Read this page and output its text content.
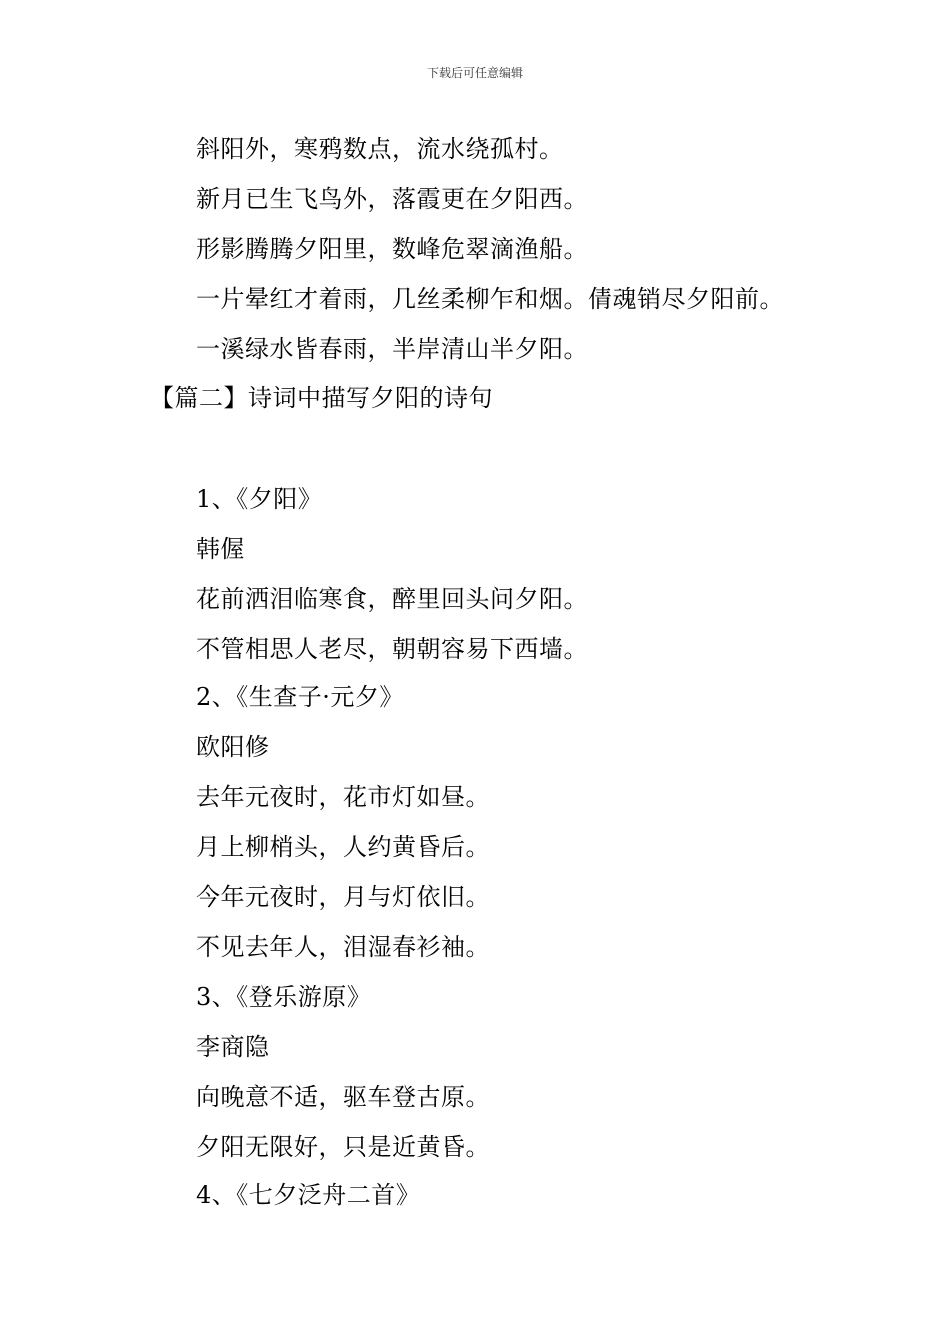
下载后可任意编辑
斜阳外，寒鸦数点，流水绕孤村。
新月已生飞鸟外，落霞更在夕阳西。
形影腾腾夕阳里，数峰危翠滴渔船。
一片晕红才着雨，几丝柔柳乍和烟。倩魂销尽夕阳前。
一溪绿水皆春雨，半岸清山半夕阳。
【篇二】诗词中描写夕阳的诗句
1、《夕阳》
韩偓
花前洒泪临寒食，醉里回头问夕阳。
不管相思人老尽，朝朝容易下西墙。
2、《生查子·元夕》
欧阳修
去年元夜时，花市灯如昼。
月上柳梢头，人约黄昏后。
今年元夜时，月与灯依旧。
不见去年人，泪湿春衫袖。
3、《登乐游原》
李商隐
向晚意不适，驱车登古原。
夕阳无限好，只是近黄昏。
4、《七夕泛舟二首》
